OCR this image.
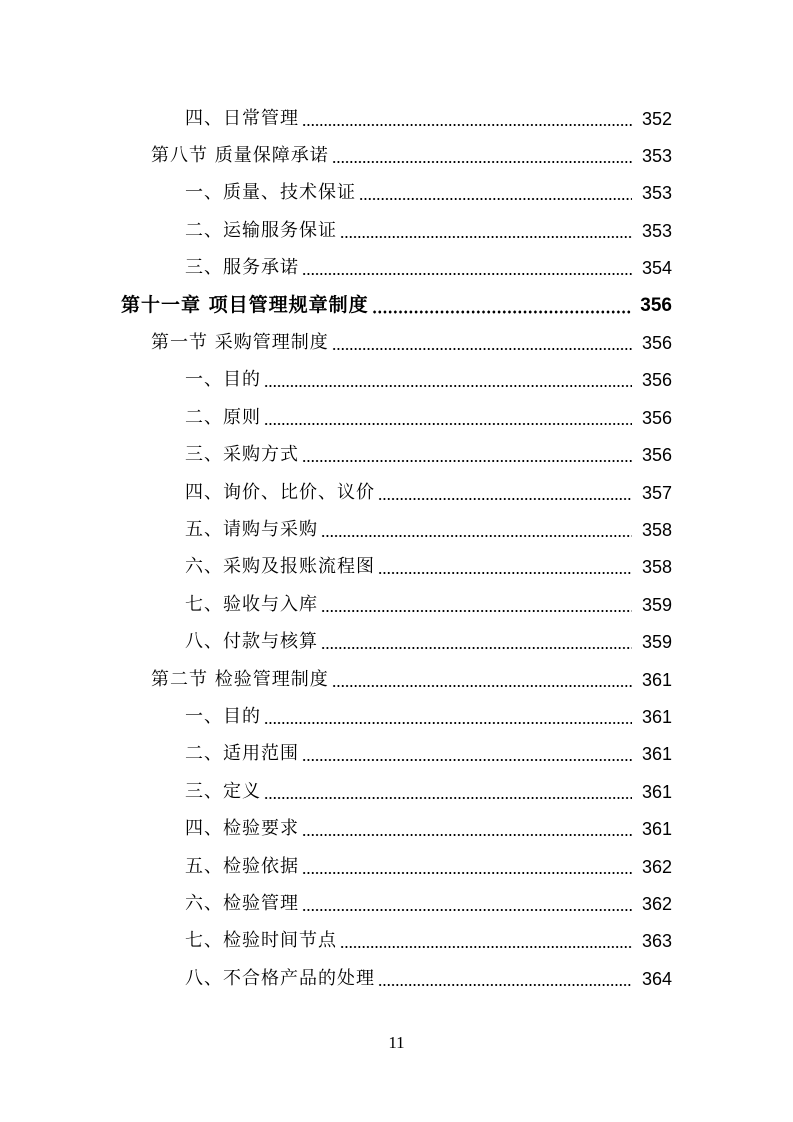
四、日常管理	352
第八节 质量保障承诺	353
一、质量、技术保证	353
二、运输服务保证	353
三、服务承诺	354
第十一章 项目管理规章制度	356
第一节 采购管理制度	356
一、目的	356
二、原则	356
三、采购方式	356
四、询价、比价、议价	357
五、请购与采购	358
六、采购及报账流程图	358
七、验收与入库	359
八、付款与核算	359
第二节 检验管理制度	361
一、目的	361
二、适用范围	361
三、定义	361
四、检验要求	361
五、检验依据	362
六、检验管理	362
七、检验时间节点	363
八、不合格产品的处理	364
11
